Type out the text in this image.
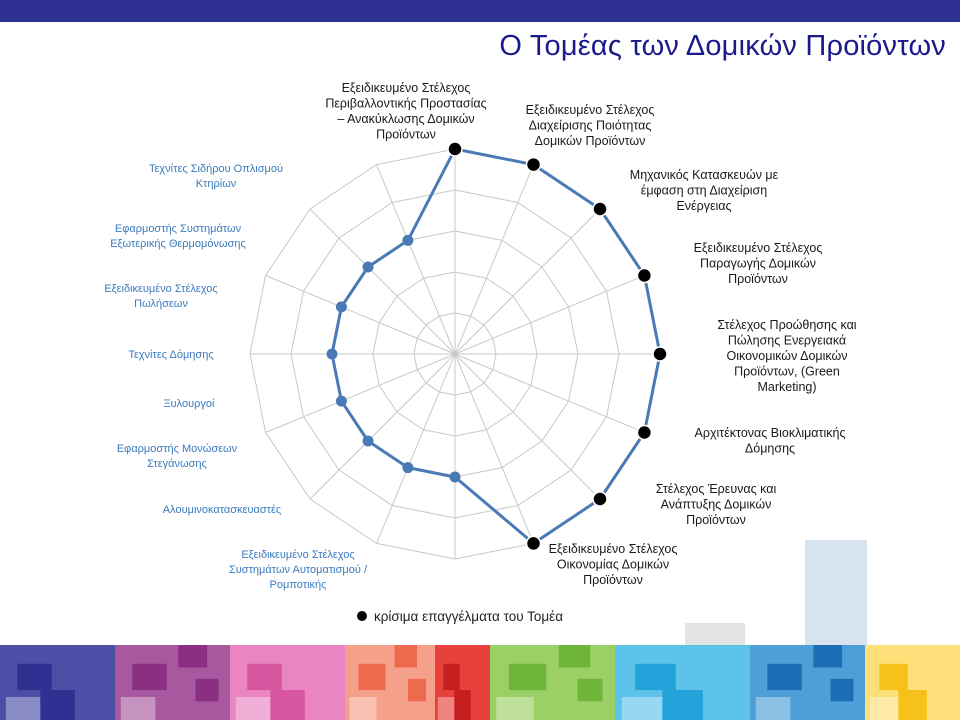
Ο Τομέας των Δομικών Προϊόντων
Εξειδικευμένο Στέλεχος Περιβαλλοντικής Προστασίας – Ανακύκλωσης Δομικών Προϊόντων
Εξειδικευμένο Στέλεχος Διαχείρισης Ποιότητας Δομικών Προϊόντων
Μηχανικός Κατασκευών με έμφαση στη Διαχείριση Ενέργειας
Εξειδικευμένο Στέλεχος Παραγωγής Δομικών Προϊόντων
Στέλεχος Προώθησης και Πώλησης Ενεργειακά Οικονομικών Δομικών Προϊόντων, (Green Marketing)
Αρχιτέκτονας Βιοκλιματικής Δόμησης
Στέλεχος Έρευνας και Ανάπτυξης Δομικών Προϊόντων
Εξειδικευμένο Στέλεχος Οικονομίας Δομικών Προϊόντων
Εξειδικευμένο Στέλεχος Συστημάτων Αυτοματισμού / Ρομποτικής
Αλουμινοκατασκευαστές
Εφαρμοστής Μονώσεων Στεγάνωσης
Ξυλουργοί
Τεχνίτες Δόμησης
Εξειδικευμένο Στέλεχος Πωλήσεων
Εφαρμοστής Συστημάτων Εξωτερικής Θερμομόνωσης
Τεχνίτες Σιδήρου Οπλισμού Κτηρίων
κρίσιμα επαγγέλματα του Τομέα
